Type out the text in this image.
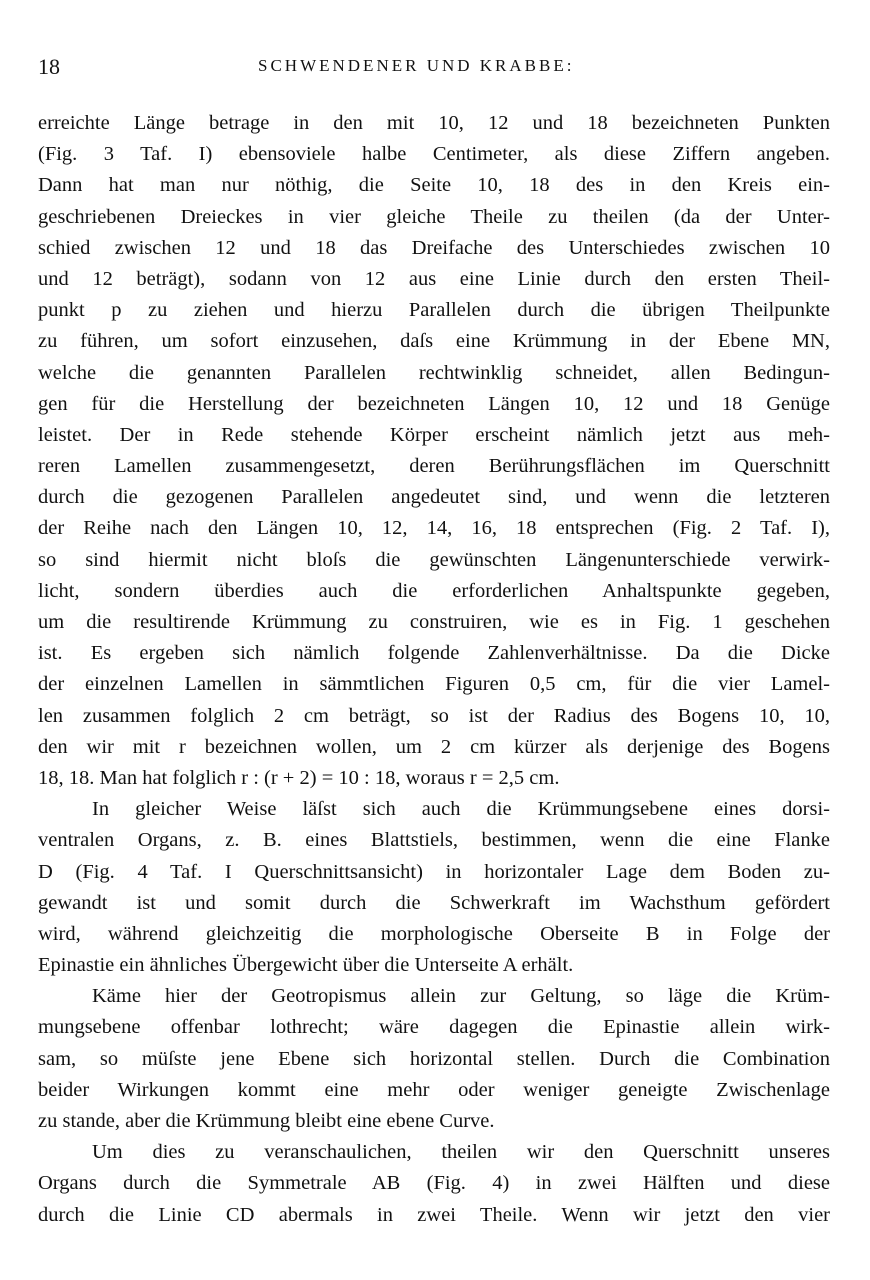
18	SCHWENDENER UND KRABBE:
erreichte Länge betrage in den mit 10, 12 und 18 bezeichneten Punkten
(Fig. 3 Taf. I) ebensoviele halbe Centimeter, als diese Ziffern angeben.
Dann hat man nur nöthig, die Seite 10, 18 des in den Kreis ein-
geschriebenen Dreieckes in vier gleiche Theile zu theilen (da der Unter-
schied zwischen 12 und 18 das Dreifache des Unterschiedes zwischen 10
und 12 beträgt), sodann von 12 aus eine Linie durch den ersten Theil-
punkt p zu ziehen und hierzu Parallelen durch die übrigen Theilpunkte
zu führen, um sofort einzusehen, daſs eine Krümmung in der Ebene MN,
welche die genannten Parallelen rechtwinklig schneidet, allen Bedingun-
gen für die Herstellung der bezeichneten Längen 10, 12 und 18 Genüge
leistet. Der in Rede stehende Körper erscheint nämlich jetzt aus meh-
reren Lamellen zusammengesetzt, deren Berührungsflächen im Querschnitt
durch die gezogenen Parallelen angedeutet sind, und wenn die letzteren
der Reihe nach den Längen 10, 12, 14, 16, 18 entsprechen (Fig. 2 Taf. I),
so sind hiermit nicht bloſs die gewünschten Längenunterschiede verwirk-
licht, sondern überdies auch die erforderlichen Anhaltspunkte gegeben,
um die resultirende Krümmung zu construiren, wie es in Fig. 1 geschehen
ist. Es ergeben sich nämlich folgende Zahlenverhältnisse. Da die Dicke
der einzelnen Lamellen in sämmtlichen Figuren 0,5 cm, für die vier Lamel-
len zusammen folglich 2 cm beträgt, so ist der Radius des Bogens 10, 10,
den wir mit r bezeichnen wollen, um 2 cm kürzer als derjenige des Bogens
18, 18. Man hat folglich r : (r + 2) = 10 : 18, woraus r = 2,5 cm.
In gleicher Weise läſst sich auch die Krümmungsebene eines dorsi-
ventralen Organs, z. B. eines Blattstiels, bestimmen, wenn die eine Flanke
D (Fig. 4 Taf. I Querschnittsansicht) in horizontaler Lage dem Boden zu-
gewandt ist und somit durch die Schwerkraft im Wachsthum gefördert
wird, während gleichzeitig die morphologische Oberseite B in Folge der
Epinastie ein ähnliches Übergewicht über die Unterseite A erhält.
Käme hier der Geotropismus allein zur Geltung, so läge die Krüm-
mungsebene offenbar lothrecht; wäre dagegen die Epinastie allein wirk-
sam, so müſste jene Ebene sich horizontal stellen. Durch die Combination
beider Wirkungen kommt eine mehr oder weniger geneigte Zwischenlage
zu stande, aber die Krümmung bleibt eine ebene Curve.
Um dies zu veranschaulichen, theilen wir den Querschnitt unseres
Organs durch die Symmetrale AB (Fig. 4) in zwei Hälften und diese
durch die Linie CD abermals in zwei Theile. Wenn wir jetzt den vier
